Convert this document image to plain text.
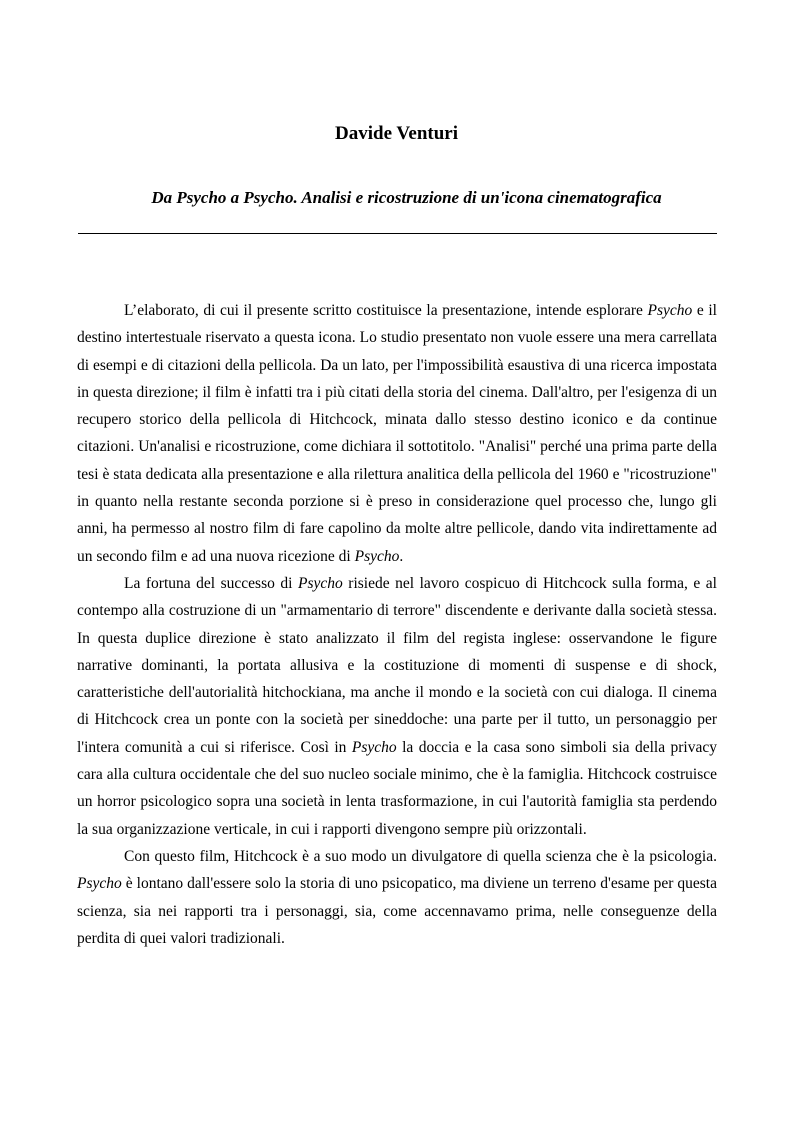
Davide Venturi
Da Psycho a Psycho. Analisi e ricostruzione di un'icona cinematografica

L’elaborato, di cui il presente scritto costituisce la presentazione, intende esplorare Psycho e il destino intertestuale riservato a questa icona. Lo studio presentato non vuole essere una mera carrellata di esempi e di citazioni della pellicola. Da un lato, per l'impossibilità esaustiva di una ricerca impostata in questa direzione; il film è infatti tra i più citati della storia del cinema. Dall'altro, per l'esigenza di un recupero storico della pellicola di Hitchcock, minata dallo stesso destino iconico e da continue citazioni. Un'analisi e ricostruzione, come dichiara il sottotitolo. "Analisi" perché una prima parte della tesi è stata dedicata alla presentazione e alla rilettura analitica della pellicola del 1960 e "ricostruzione" in quanto nella restante seconda porzione si è preso in considerazione quel processo che, lungo gli anni, ha permesso al nostro film di fare capolino da molte altre pellicole, dando vita indirettamente ad un secondo film e ad una nuova ricezione di Psycho.

La fortuna del successo di Psycho risiede nel lavoro cospicuo di Hitchcock sulla forma, e al contempo alla costruzione di un "armamentario di terrore" discendente e derivante dalla società stessa. In questa duplice direzione è stato analizzato il film del regista inglese: osservandone le figure narrative dominanti, la portata allusiva e la costituzione di momenti di suspense e di shock, caratteristiche dell'autorialità hitchockiana, ma anche il mondo e la società con cui dialoga. Il cinema di Hitchcock crea un ponte con la società per sineddoche: una parte per il tutto, un personaggio per l'intera comunità a cui si riferisce. Così in Psycho la doccia e la casa sono simboli sia della privacy cara alla cultura occidentale che del suo nucleo sociale minimo, che è la famiglia. Hitchcock costruisce un horror psicologico sopra una società in lenta trasformazione, in cui l'autorità famiglia sta perdendo la sua organizzazione verticale, in cui i rapporti divengono sempre più orizzontali.

Con questo film, Hitchcock è a suo modo un divulgatore di quella scienza che è la psicologia. Psycho è lontano dall'essere solo la storia di uno psicopatico, ma diviene un terreno d'esame per questa scienza, sia nei rapporti tra i personaggi, sia, come accennavamo prima, nelle conseguenze della perdita di quei valori tradizionali.
